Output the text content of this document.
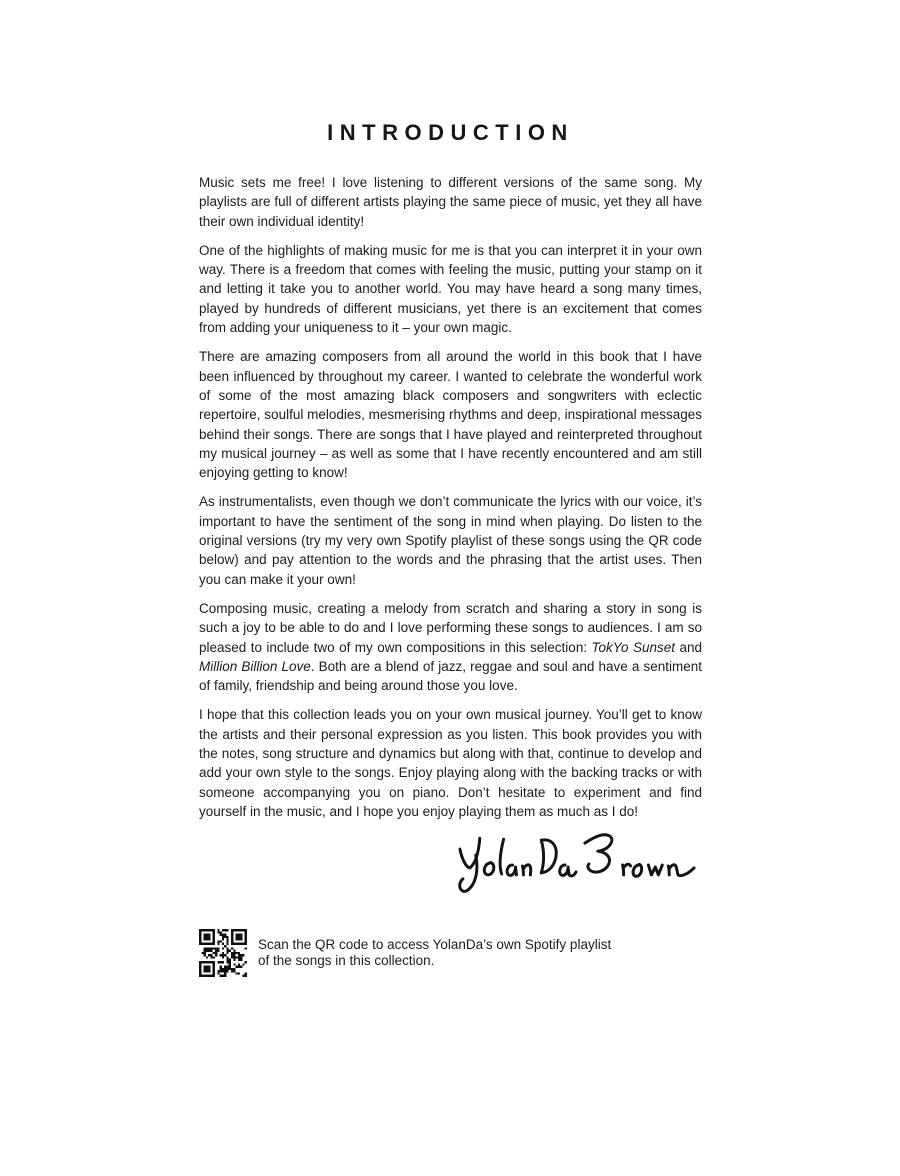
INTRODUCTION

Music sets me free! I love listening to different versions of the same song. My playlists are full of different artists playing the same piece of music, yet they all have their own individual identity!

One of the highlights of making music for me is that you can interpret it in your own way. There is a freedom that comes with feeling the music, putting your stamp on it and letting it take you to another world. You may have heard a song many times, played by hundreds of different musicians, yet there is an excitement that comes from adding your uniqueness to it – your own magic.

There are amazing composers from all around the world in this book that I have been influenced by throughout my career. I wanted to celebrate the wonderful work of some of the most amazing black composers and songwriters with eclectic repertoire, soulful melodies, mesmerising rhythms and deep, inspirational messages behind their songs. There are songs that I have played and reinterpreted throughout my musical journey – as well as some that I have recently encountered and am still enjoying getting to know!

As instrumentalists, even though we don’t communicate the lyrics with our voice, it’s important to have the sentiment of the song in mind when playing. Do listen to the original versions (try my very own Spotify playlist of these songs using the QR code below) and pay attention to the words and the phrasing that the artist uses. Then you can make it your own!

Composing music, creating a melody from scratch and sharing a story in song is such a joy to be able to do and I love performing these songs to audiences. I am so pleased to include two of my own compositions in this selection: TokYo Sunset and Million Billion Love. Both are a blend of jazz, reggae and soul and have a sentiment of family, friendship and being around those you love.

I hope that this collection leads you on your own musical journey. You’ll get to know the artists and their personal expression as you listen. This book provides you with the notes, song structure and dynamics but along with that, continue to develop and add your own style to the songs. Enjoy playing along with the backing tracks or with someone accompanying you on piano. Don’t hesitate to experiment and find yourself in the music, and I hope you enjoy playing them as much as I do!

Scan the QR code to access YolanDa’s own Spotify playlist
of the songs in this collection.
